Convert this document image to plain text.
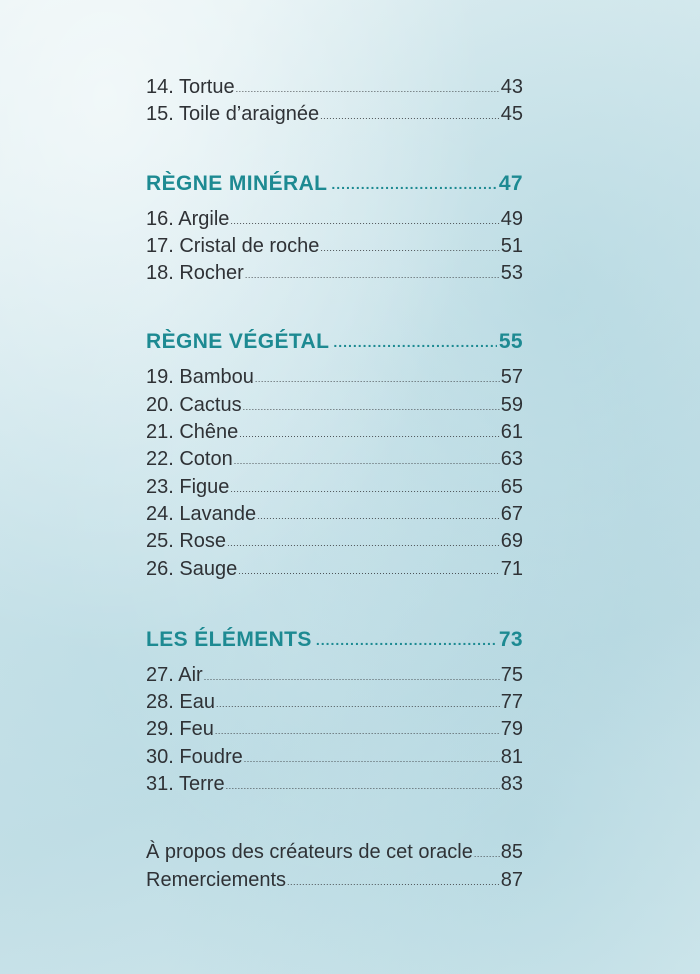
14. Tortue .....	43
15. Toile d’araignée .....	45
RÈGNE MINÉRAL .....	47
16. Argile .....	49
17. Cristal de roche .....	51
18. Rocher .....	53
RÈGNE VÉGÉTAL .....	55
19. Bambou .....	57
20. Cactus .....	59
21. Chêne .....	61
22. Coton .....	63
23. Figue .....	65
24. Lavande .....	67
25. Rose .....	69
26. Sauge .....	71
LES ÉLÉMENTS .....	73
27. Air .....	75
28. Eau .....	77
29. Feu .....	79
30. Foudre .....	81
31. Terre .....	83
À propos des créateurs de cet oracle ..... 85
Remerciements .....	87
